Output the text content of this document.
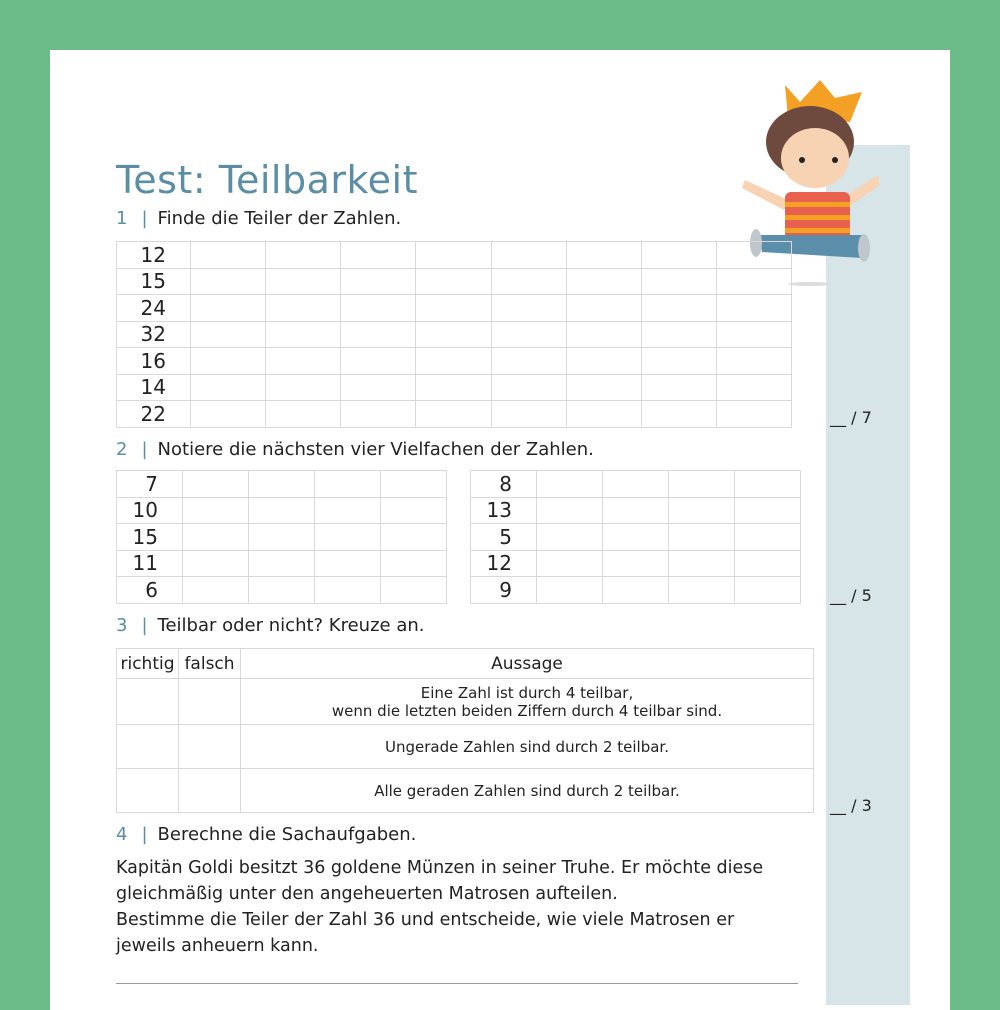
Test: Teilbarkeit
1 | Finde die Teiler der Zahlen.
12								
15								
24								
32								
16								
14								
22								
2 | Notiere die nächsten vier Vielfachen der Zahlen.
7				
10				
15				
11				
6				
8				
13				
5				
12				
9				
3 | Teilbar oder nicht? Kreuze an.
richtig	falsch	Aussage

		Eine Zahl ist durch 4 teilbar,
wenn die letzten beiden Ziffern durch 4 teilbar sind.

		Ungerade Zahlen sind durch 2 teilbar.
		Alle geraden Zahlen sind durch 2 teilbar.
4 | Berechne die Sachaufgaben.
Kapitän Goldi besitzt 36 goldene Münzen in seiner Truhe. Er möchte diese
gleichmäßig unter den angeheuerten Matrosen aufteilen.
Bestimme die Teiler der Zahl 36 und entscheide, wie viele Matrosen er
jeweils anheuern kann.
__ / 7
__ / 5
__ / 3
